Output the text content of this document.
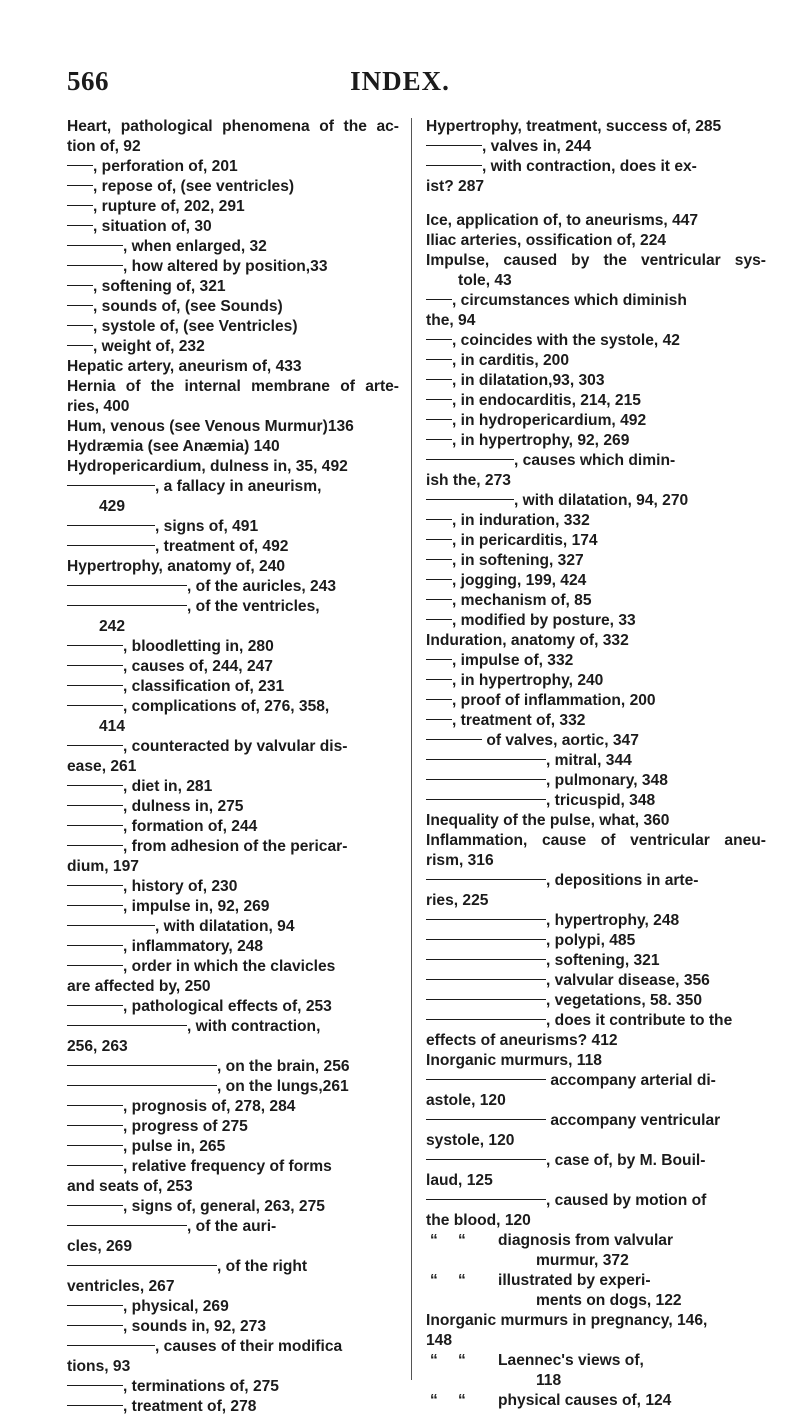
566	INDEX.
Heart, pathological phenomena of the ac-
tion of, 92
, perforation of, 201
, repose of, (see ventricles)
, rupture of, 202, 291
, situation of, 30
, when enlarged, 32
, how altered by position,33
, softening of, 321
, sounds of, (see Sounds)
, systole of, (see Ventricles)
, weight of, 232
Hepatic artery, aneurism of, 433
Hernia of the internal membrane of arte-
ries, 400
Hum, venous (see Venous Murmur)136
Hydræmia (see Anæmia) 140
Hydropericardium, dulness in, 35, 492
, a fallacy in aneurism,
429
, signs of, 491
, treatment of, 492
Hypertrophy, anatomy of, 240
, of the auricles, 243
, of the ventricles,
242
, bloodletting in, 280
, causes of, 244, 247
, classification of, 231
, complications of, 276, 358,
414
, counteracted by valvular dis-
ease, 261
, diet in, 281
, dulness in, 275
, formation of, 244
, from adhesion of the pericar-
dium, 197
, history of, 230
, impulse in, 92, 269
, with dilatation, 94
, inflammatory, 248
, order in which the clavicles
are affected by, 250
, pathological effects of, 253
, with contraction,
256, 263
, on the brain, 256
, on the lungs,261
, prognosis of, 278, 284
, progress of 275
, pulse in, 265
, relative frequency of forms
and seats of, 253
, signs of, general, 263, 275
, of the auri-
cles, 269
, of the right
ventricles, 267
, physical, 269
, sounds in, 92, 273
, causes of their modifica
tions, 93
, terminations of, 275
, treatment of, 278
Hypertrophy, treatment, success of, 285
, valves in, 244
, with contraction, does it ex-
ist? 287
Ice, application of, to aneurisms, 447
Iliac arteries, ossification of, 224
Impulse, caused by the ventricular sys-
tole, 43
, circumstances which diminish
the, 94
, coincides with the systole, 42
, in carditis, 200
, in dilatation,93, 303
, in endocarditis, 214, 215
, in hydropericardium, 492
, in hypertrophy, 92, 269
, causes which dimin-
ish the, 273
, with dilatation, 94, 270
, in induration, 332
, in pericarditis, 174
, in softening, 327
, jogging, 199, 424
, mechanism of, 85
, modified by posture, 33
Induration, anatomy of, 332
, impulse of, 332
, in hypertrophy, 240
, proof of inflammation, 200
, treatment of, 332
of valves, aortic, 347
, mitral, 344
, pulmonary, 348
, tricuspid, 348
Inequality of the pulse, what, 360
Inflammation, cause of ventricular aneu-
rism, 316
, depositions in arte-
ries, 225
, hypertrophy, 248
, polypi, 485
, softening, 321
, valvular disease, 356
, vegetations, 58. 350
, does it contribute to the
effects of aneurisms? 412
Inorganic murmurs, 118
accompany arterial di-
astole, 120
accompany ventricular
systole, 120
, case of, by M. Bouil-
laud, 125
, caused by motion of
the blood, 120
“ “ diagnosis from valvular
murmur, 372
“ “ illustrated by experi-
ments on dogs, 122
Inorganic murmurs in pregnancy, 146,
148
“ “ Laennec's views of,
118
“ “ physical causes of, 124
